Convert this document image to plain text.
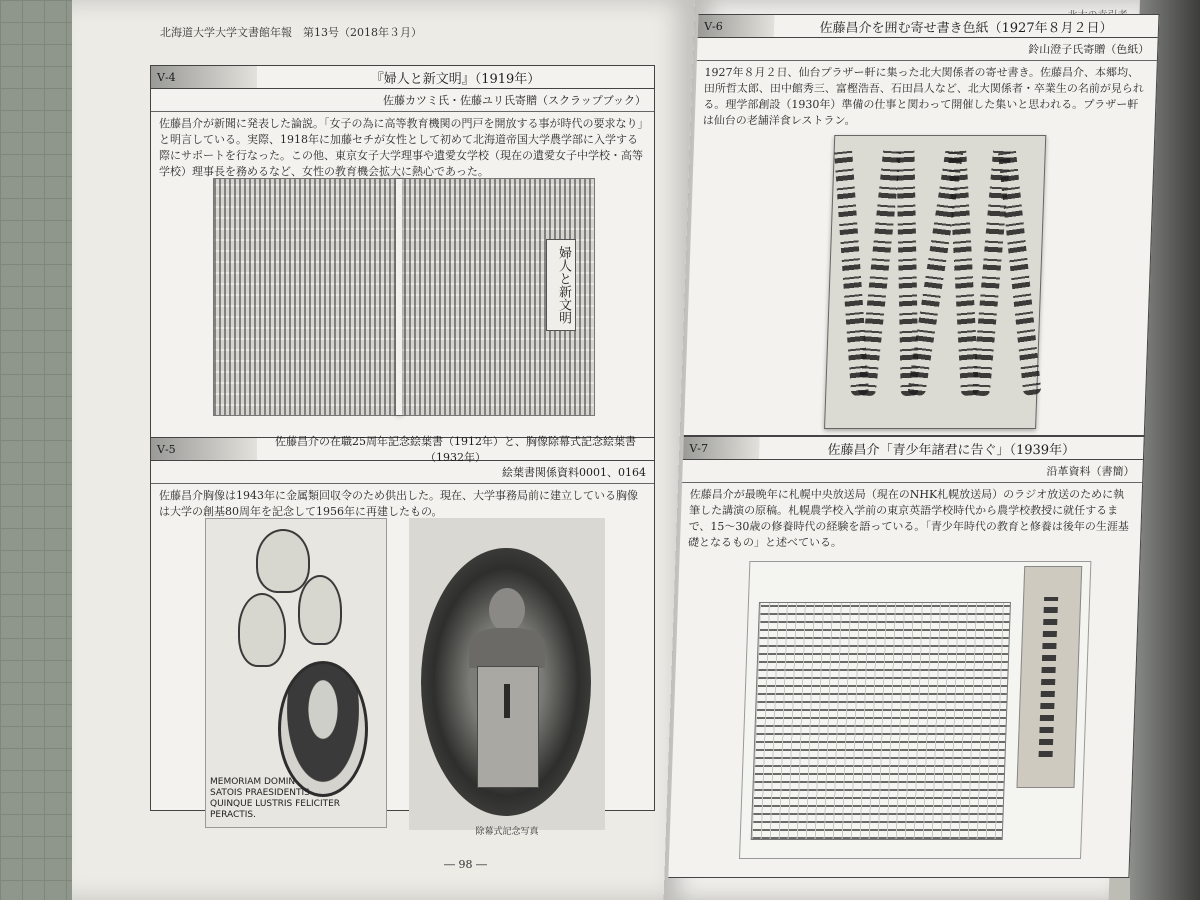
北海道大学大学文書館年報　第13号（2018年３月）
Ⅴ-4	『婦人と新文明』（1919年）
佐藤カツミ氏・佐藤ユリ氏寄贈（スクラップブック）
佐藤昌介が新聞に発表した論説。「女子の為に高等教育機関の門戸を開放する事が時代の要求なり」と明言している。実際、1918年に加藤セチが女性として初めて北海道帝国大学農学部に入学する際にサポートを行なった。この他、東京女子大学理事や遺愛女学校（現在の遺愛女子中学校・高等学校）理事長を務めるなど、女性の教育機会拡大に熱心であった。
婦人と新文明
Ⅴ-5
佐藤昌介の在職25周年記念絵葉書（1912年）と、胸像除幕式記念絵葉書（1932年）
絵葉書関係資料0001、0164
佐藤昌介胸像は1943年に金属類回収令のため供出した。現在、大学事務局前に建立している胸像は大学の創基80周年を記念して1956年に再建したもの。
MEMORIAM DOMIN
SATOIS PRAESIDENTIS
QUINQUE LUSTRIS FELICITER PERACTIS.
除幕式記念写真
― 98 ―
Ⅴ-6	佐藤昌介を囲む寄せ書き色紙（1927年８月２日）
鈴山澄子氏寄贈（色紙）
1927年８月２日、仙台プラザー軒に集った北大関係者の寄せ書き。佐藤昌介、本郷均、田所哲太郎、田中館秀三、富樫浩吾、石田昌人など、北大関係者・卒業生の名前が見られる。理学部創設（1930年）準備の仕事と関わって開催した集いと思われる。プラザー軒は仙台の老舗洋食レストラン。
Ⅴ-7	佐藤昌介「青少年諸君に告ぐ」（1939年）
沿革資料（書簡）
佐藤昌介が最晩年に札幌中央放送局（現在のNHK札幌放送局）のラジオ放送のために執筆した講演の原稿。札幌農学校入学前の東京英語学校時代から農学校教授に就任するまで、15～30歳の修養時代の経験を語っている。「青少年時代の教育と修養は後年の生涯基礎となるもの」と述べている。
